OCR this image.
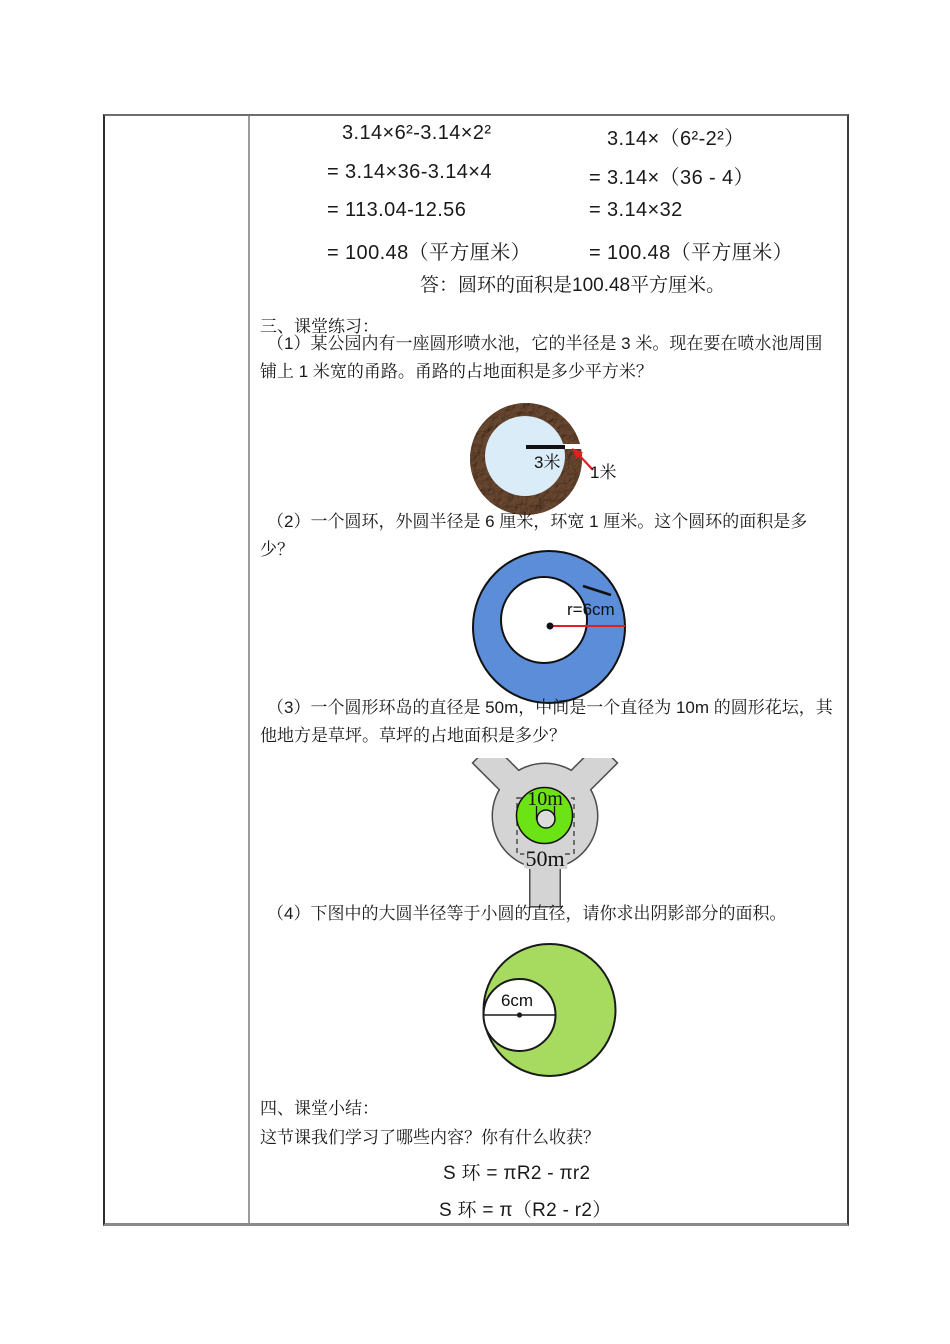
3.14×6²-3.14×2²	3.14×（6²-2²）
= 3.14×36-3.14×4	= 3.14×（36 - 4）
= 113.04-12.56	= 3.14×32
= 100.48（平方厘米）	= 100.48（平方厘米）
答：圆环的面积是100.48平方厘米。
三、课堂练习：

（1）某公园内有一座圆形喷水池，它的半径是 3 米。现在要在喷水池周围铺上 1 米宽的甬路。甬路的占地面积是多少平方米？

3米
1米

（2）一个圆环，外圆半径是 6 厘米，环宽 1 厘米。这个圆环的面积是多少？

r=6cm

（3）一个圆形环岛的直径是 50m，中间是一个直径为 10m 的圆形花坛，其他地方是草坪。草坪的占地面积是多少？

10m
50m

（4）下图中的大圆半径等于小圆的直径，请你求出阴影部分的面积。

6cm
四、课堂小结：
这节课我们学习了哪些内容？你有什么收获？
S 环 = πR2 - πr2
S 环 = π（R2 - r2）
